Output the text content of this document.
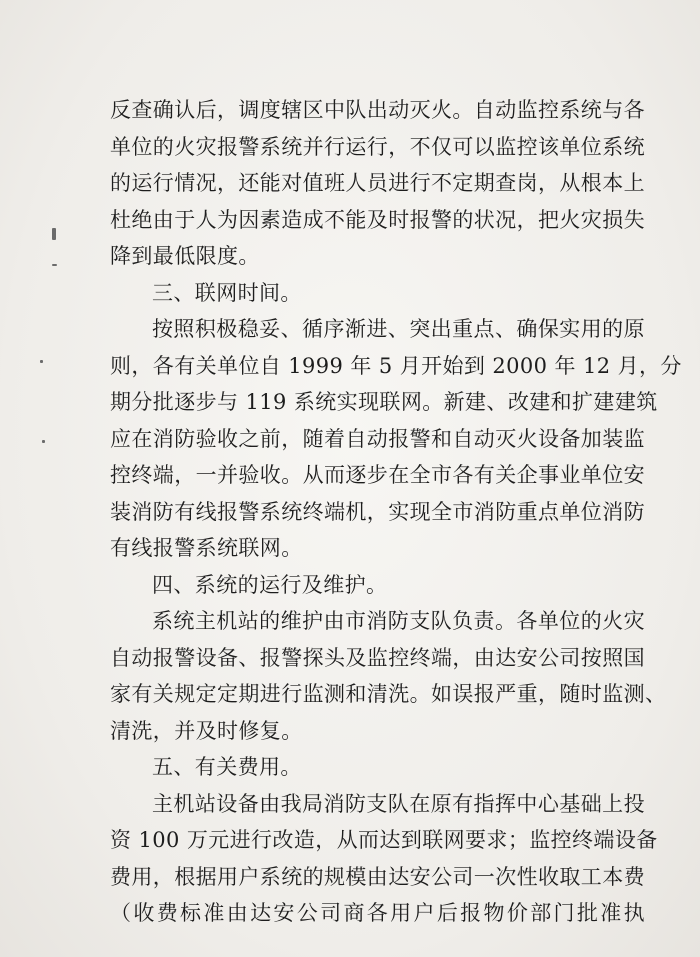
反查确认后，调度辖区中队出动灭火。自动监控系统与各
单位的火灾报警系统并行运行，不仅可以监控该单位系统
的运行情况，还能对值班人员进行不定期查岗，从根本上
杜绝由于人为因素造成不能及时报警的状况，把火灾损失
降到最低限度。
三、联网时间。
按照积极稳妥、循序渐进、突出重点、确保实用的原
则，各有关单位自 1999 年 5 月开始到 2000 年 12 月，分
期分批逐步与 119 系统实现联网。新建、改建和扩建建筑
应在消防验收之前，随着自动报警和自动灭火设备加装监
控终端，一并验收。从而逐步在全市各有关企事业单位安
装消防有线报警系统终端机，实现全市消防重点单位消防
有线报警系统联网。
四、系统的运行及维护。
系统主机站的维护由市消防支队负责。各单位的火灾
自动报警设备、报警探头及监控终端，由达安公司按照国
家有关规定定期进行监测和清洗。如误报严重，随时监测、
清洗，并及时修复。
五、有关费用。
主机站设备由我局消防支队在原有指挥中心基础上投
资 100 万元进行改造，从而达到联网要求；监控终端设备
费用，根据用户系统的规模由达安公司一次性收取工本费
（收费标准由达安公司商各用户后报物价部门批准执
